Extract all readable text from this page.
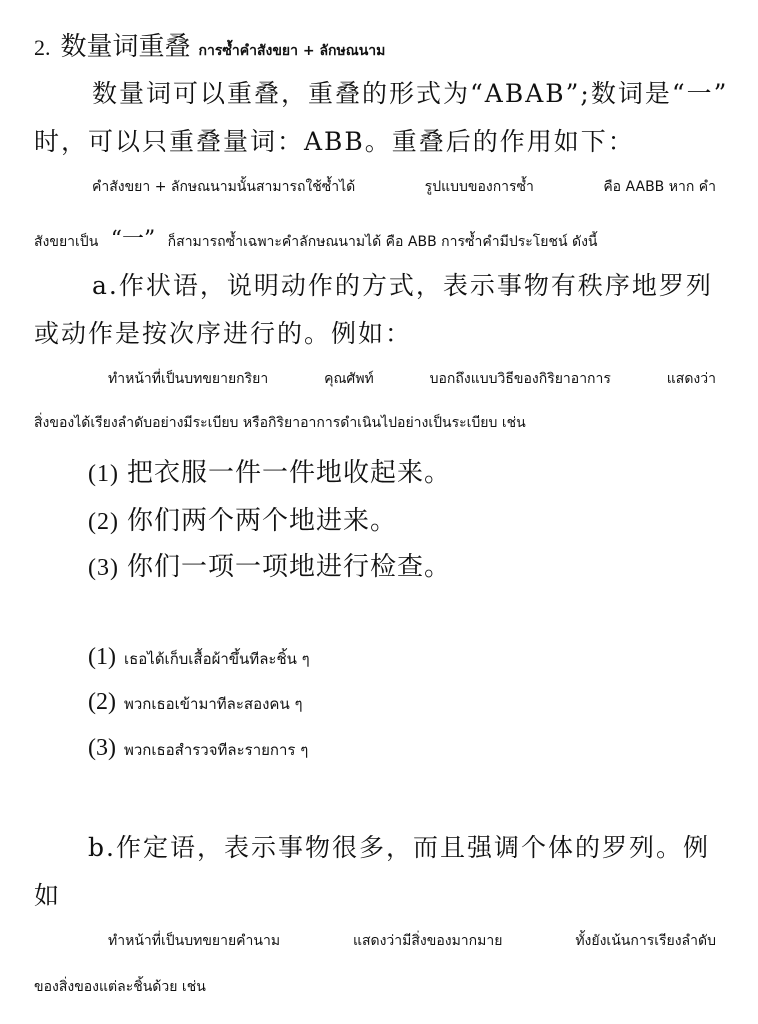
2. 数量词重叠 การซ้ำคำสังขยา + ลักษณนาม
数量词可以重叠，重叠的形式为“ABAB”;数词是“一”
时，可以只重叠量词：ABB。重叠后的作用如下：
คำสังขยา + ลักษณนามนั้นสามารถใช้ซ้ำได้	รูปแบบของการซ้ำ	คือ AABB หาก คำ
สังขยาเป็น “一” ก็สามารถซ้ำเฉพาะคำลักษณนามได้ คือ ABB การซ้ำคำมีประโยชน์ ดังนี้
a.作状语，说明动作的方式，表示事物有秩序地罗列
或动作是按次序进行的。例如：
ทำหน้าที่เป็นบทขยายกริยา	คุณศัพท์	บอกถึงแบบวิธีของกิริยาอาการ	แสดงว่า
สิ่งของได้เรียงลำดับอย่างมีระเบียบ หรือกิริยาอาการดำเนินไปอย่างเป็นระเบียบ เช่น
(1) 把衣服一件一件地收起来。
(2) 你们两个两个地进来。
(3) 你们一项一项地进行检查。
(1) เธอได้เก็บเสื้อผ้าขึ้นทีละชิ้น ๆ
(2) พวกเธอเข้ามาทีละสองคน ๆ
(3) พวกเธอสำรวจทีละรายการ ๆ
b.作定语，表示事物很多，而且强调个体的罗列。例
如
ทำหน้าที่เป็นบทขยายคำนาม	แสดงว่ามีสิ่งของมากมาย	ทั้งยังเน้นการเรียงลำดับ
ของสิ่งของแต่ละชิ้นด้วย เช่น
